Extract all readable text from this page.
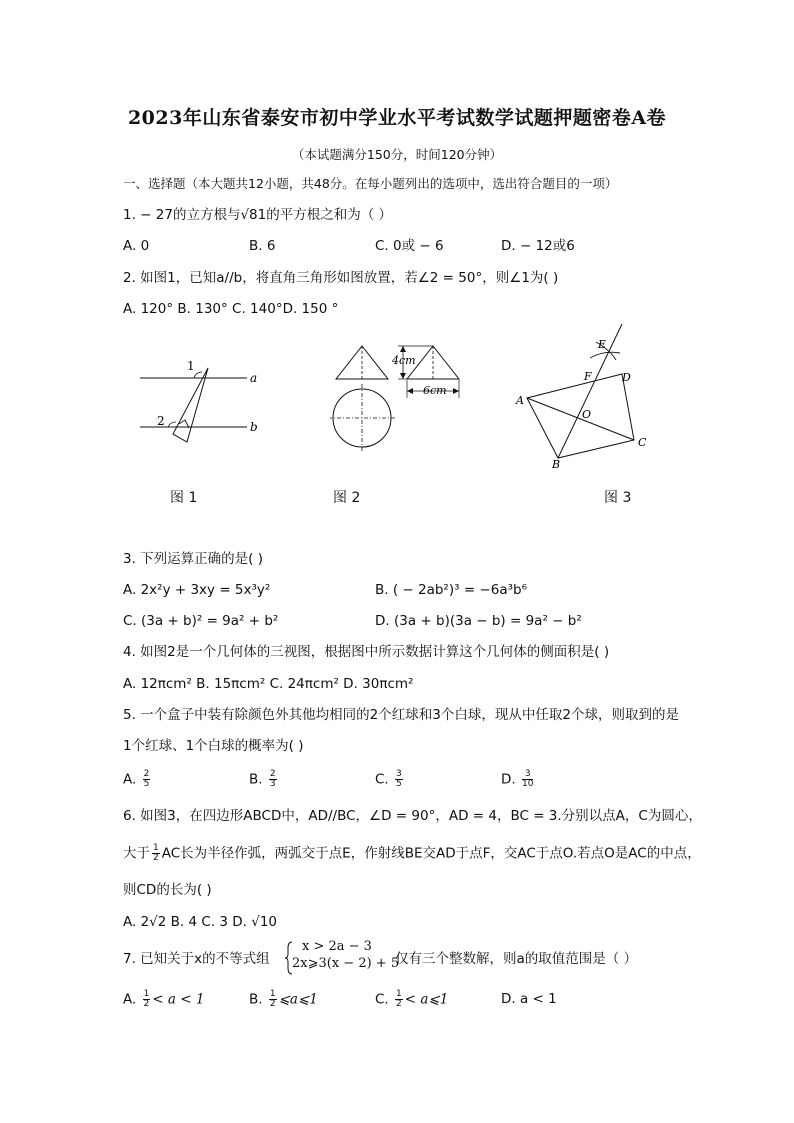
2023年山东省泰安市初中学业水平考试数学试题押题密卷A卷
（本试题满分150分，时间120分钟）
一、选择题（本大题共12小题，共48分。在每小题列出的选项中，选出符合题目的一项）
1. − 27的立方根与√81的平方根之和为（ ）
A. 0	B. 6	C. 0或 − 6	D. − 12或6
2. 如图1，已知a//b，将直角三角形如图放置，若∠2 = 50°，则∠1为( )
A. 120° B. 130° C. 140°D. 150 °
1
2
a
b
4cm
6cm
A
B
C
D
E
F
O
图 1	图 2	图 3
3. 下列运算正确的是( )
A. 2x²y + 3xy = 5x³y²	B. ( − 2ab²)³ = −6a³b⁶
C. (3a + b)² = 9a² + b²	D. (3a + b)(3a − b) = 9a² − b²
4. 如图2是一个几何体的三视图，根据图中所示数据计算这个几何体的侧面积是( )
A. 12πcm² B. 15πcm² C. 24πcm² D. 30πcm²
5. 一个盒子中装有除颜色外其他均相同的2个红球和3个白球，现从中任取2个球，则取到的是
1个红球、1个白球的概率为( )
A. $\frac{2}{5}$	B. $\frac{2}{3}$	C. $\frac{3}{5}$	D. $\frac{3}{10}$
6. 如图3，在四边形ABCD中，AD//BC，∠D = 90°，AD = 4，BC = 3.分别以点A，C为圆心，
大于 $\frac{1}{2}$ AC长为半径作弧，两弧交于点E，作射线BE交AD于点F，交AC于点O.若点O是AC的中点，
则CD的长为( )
A. 2√2 B. 4 C. 3 D. √10
7. 已知关于x的不等式组
x > 2a − 3
2x⩾3(x − 2) + 5
仅有三个整数解，则a的取值范围是（ ）
A. $\frac{1}{2} < a < 1$	B. $\frac{1}{2}$ ⩽a⩽1	C. $\frac{1}{2}$ < a⩽1	D. a < 1
